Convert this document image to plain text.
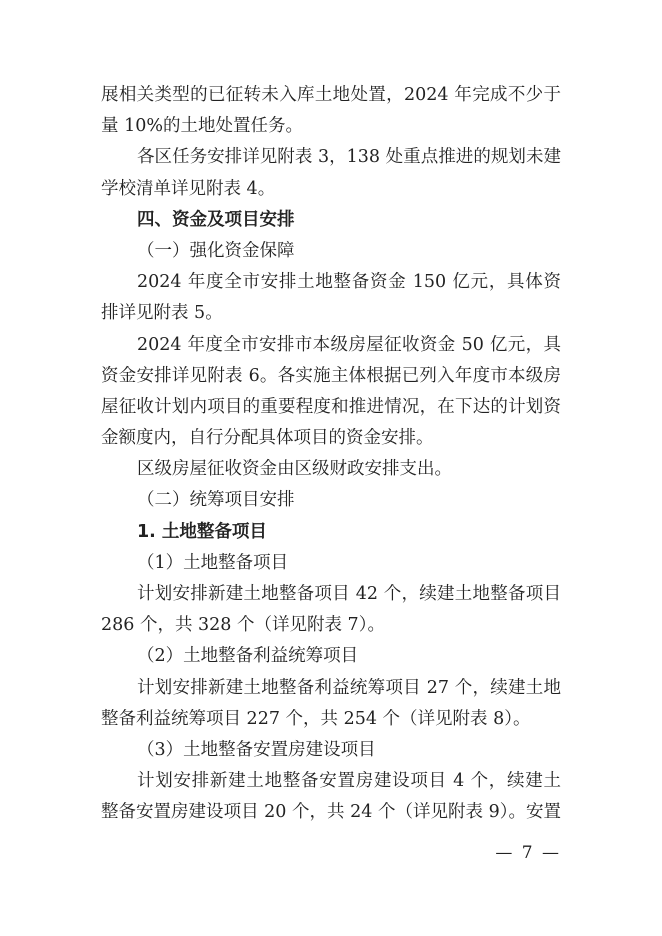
展相关类型的已征转未入库土地处置，2024 年完成不少于
量 10%的土地处置任务。
各区任务安排详见附表 3，138 处重点推进的规划未建
学校清单详见附表 4。
四、资金及项目安排
（一）强化资金保障
2024 年度全市安排土地整备资金 150 亿元，具体资
排详见附表 5。
2024 年度全市安排市本级房屋征收资金 50 亿元，具
资金安排详见附表 6。各实施主体根据已列入年度市本级房
屋征收计划内项目的重要程度和推进情况，在下达的计划资
金额度内，自行分配具体项目的资金安排。
区级房屋征收资金由区级财政安排支出。
（二）统筹项目安排
1. 土地整备项目
（1）土地整备项目
计划安排新建土地整备项目 42 个，续建土地整备项目
286 个，共 328 个（详见附表 7）。
（2）土地整备利益统筹项目
计划安排新建土地整备利益统筹项目 27 个，续建土地
整备利益统筹项目 227 个，共 254 个（详见附表 8）。
（3）土地整备安置房建设项目
计划安排新建土地整备安置房建设项目 4 个，续建土
整备安置房建设项目 20 个，共 24 个（详见附表 9）。安置
— 7 —
